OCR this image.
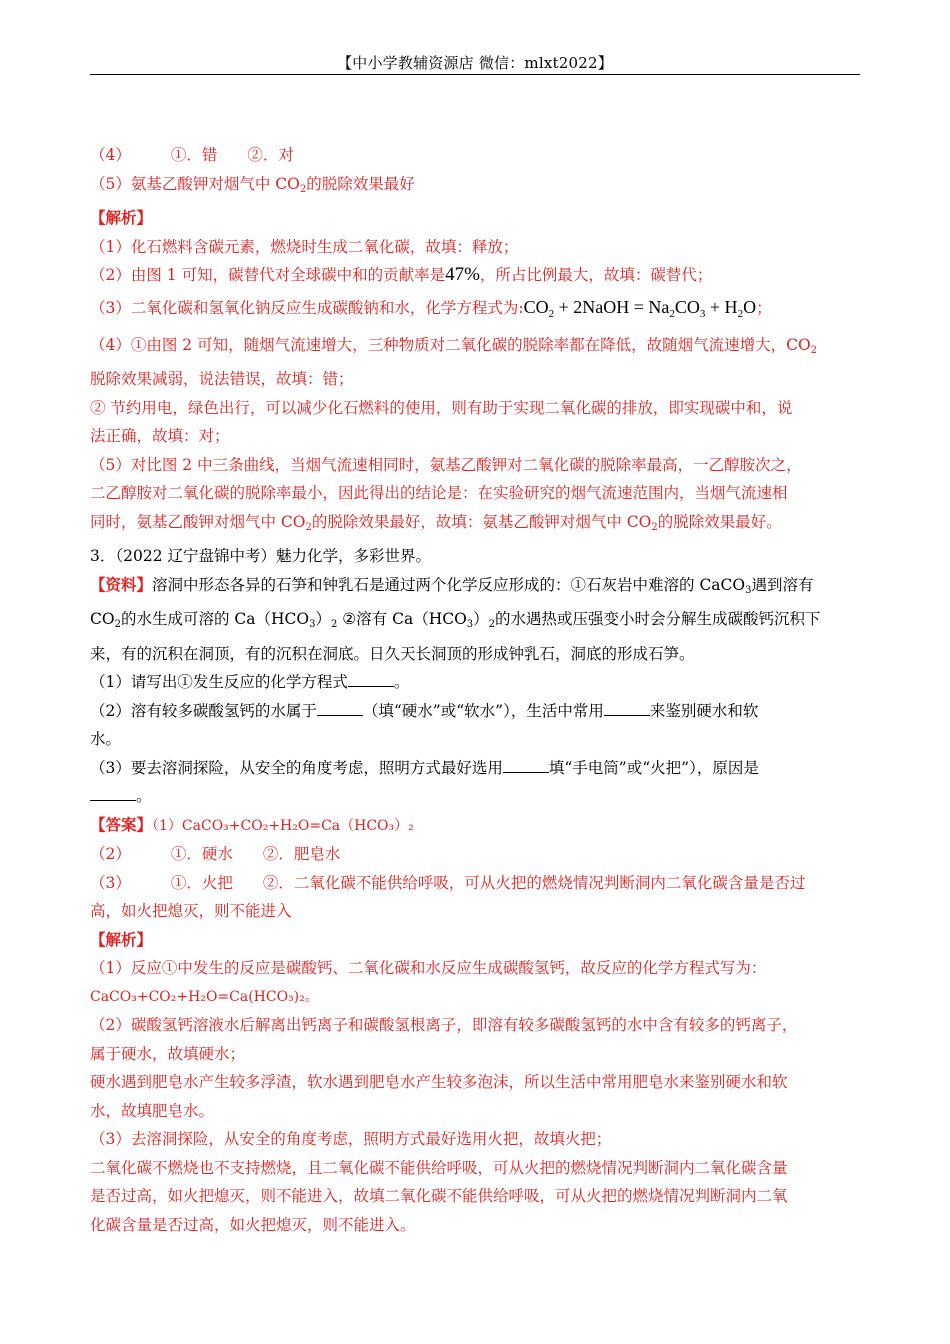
【中小学教辅资源店 微信：mlxt2022】
（4）	①．错 ②．对
（5）氨基乙酸钾对烟气中 $CO_2$的脱除效果最好
【解析】
（1）化石燃料含碳元素，燃烧时生成二氧化碳，故填：释放；
（2）由图 1 可知，碳替代对全球碳中和的贡献率是47%，所占比例最大，故填：碳替代；
（3）二氧化碳和氢氧化钠反应生成碳酸钠和水，化学方程式为$:CO_2$ + 2NaOH = $Na_2CO_3 + H_2O$；
（4）①由图 2 可知，随烟气流速增大，三种物质对二氧化碳的脱除率都在降低，故随烟气流速增大，$CO_2$
脱除效果减弱，说法错误，故填：错；
② 节约用电，绿色出行，可以减少化石燃料的使用，则有助于实现二氧化碳的排放，即实现碳中和，说
法正确，故填：对；
（5）对比图 2 中三条曲线，当烟气流速相同时，氨基乙酸钾对二氧化碳的脱除率最高，一乙醇胺次之，
二乙醇胺对二氧化碳的脱除率最小，因此得出的结论是：在实验研究的烟气流速范围内，当烟气流速相
同时，氨基乙酸钾对烟气中 $CO_2$的脱除效果最好，故填：氨基乙酸钾对烟气中 $CO_2$的脱除效果最好。
3．（2022 辽宁盘锦中考）魅力化学，多彩世界。
【资料】溶洞中形态各异的石笋和钟乳石是通过两个化学反应形成的：①石灰岩中难溶的 CaCO$_3$遇到溶有
$CO_2$的水生成可溶的 $Ca(HCO_3)_2$ ②溶有 $Ca(HCO_3)_2$的水遇热或压强变小时会分解生成碳酸钙沉积下
来，有的沉积在洞顶，有的沉积在洞底。日久天长洞顶的形成钟乳石，洞底的形成石笋。
（1）请写出①发生反应的化学方程式	。
（2）溶有较多碳酸氢钙的水属于	（填“硬水”或“软水”），生活中常用	来鉴别硬水和软
水。
（3）要去溶洞探险，从安全的角度考虑，照明方式最好选用	填“手电筒”或“火把”），原因是
。
【答案】（1）CaCO₃+CO₂+H₂O=Ca（HCO₃）₂
（2）	①．硬水 ②．肥皂水
（3）	①．火把 ②．二氧化碳不能供给呼吸，可从火把的燃烧情况判断洞内二氧化碳含量是否过
高，如火把熄灭，则不能进入
【解析】
（1）反应①中发生的反应是碳酸钙、二氧化碳和水反应生成碳酸氢钙，故反应的化学方程式写为：
CaCO₃+CO₂+H₂O=Ca(HCO₃)₂。
（2）碳酸氢钙溶液水后解离出钙离子和碳酸氢根离子，即溶有较多碳酸氢钙的水中含有较多的钙离子，
属于硬水，故填硬水；
硬水遇到肥皂水产生较多浮渣，软水遇到肥皂水产生较多泡沫，所以生活中常用肥皂水来鉴别硬水和软
水，故填肥皂水。
（3）去溶洞探险，从安全的角度考虑，照明方式最好选用火把，故填火把；
二氧化碳不燃烧也不支持燃烧，且二氧化碳不能供给呼吸，可从火把的燃烧情况判断洞内二氧化碳含量
是否过高，如火把熄灭，则不能进入，故填二氧化碳不能供给呼吸，可从火把的燃烧情况判断洞内二氧
化碳含量是否过高，如火把熄灭，则不能进入。
